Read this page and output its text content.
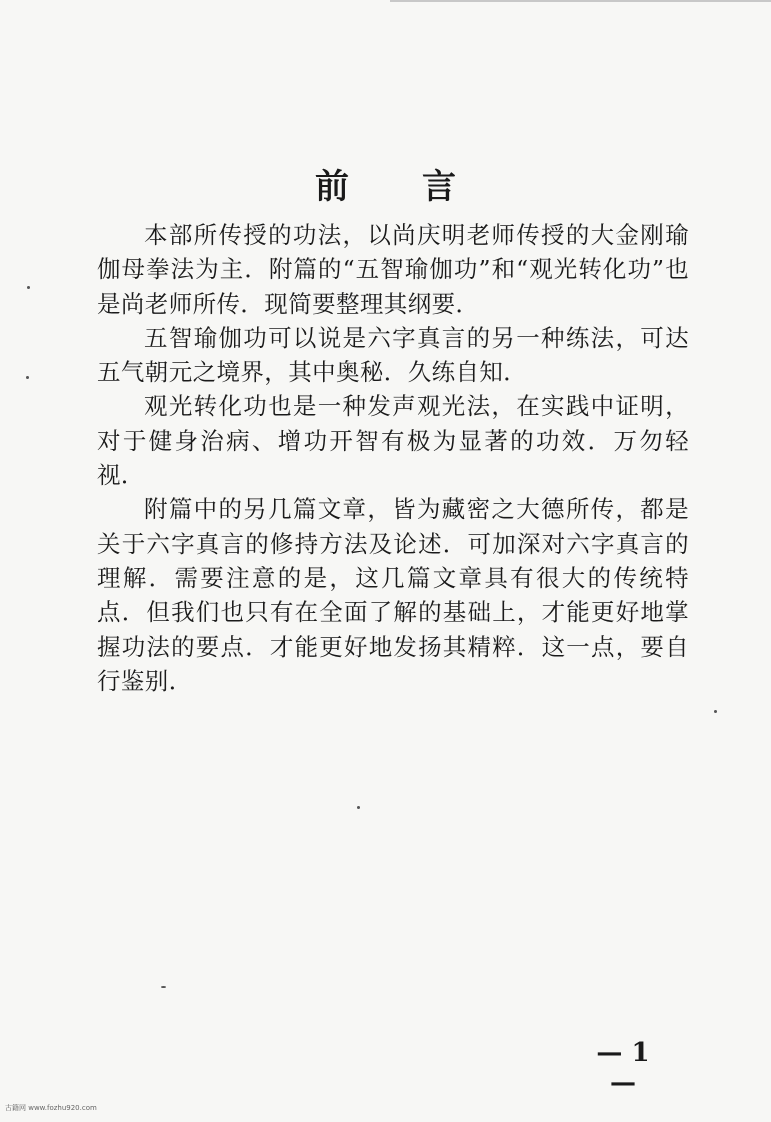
前 言

本部所传授的功法，以尚庆明老师传授的大金刚瑜伽母拳法为主．附篇的“五智瑜伽功”和“观光转化功”也是尚老师所传．现简要整理其纲要．

五智瑜伽功可以说是六字真言的另一种练法，可达五气朝元之境界，其中奥秘．久练自知．

观光转化功也是一种发声观光法，在实践中证明，对于健身治病、增功开智有极为显著的功效．万勿轻视．

附篇中的另几篇文章，皆为藏密之大德所传，都是关于六字真言的修持方法及论述．可加深对六字真言的理解．需要注意的是，这几篇文章具有很大的传统特点．但我们也只有在全面了解的基础上，才能更好地掌握功法的要点．才能更好地发扬其精粹．这一点，要自行鉴别．

— 1 —
古籍网 www.fozhu920.com
